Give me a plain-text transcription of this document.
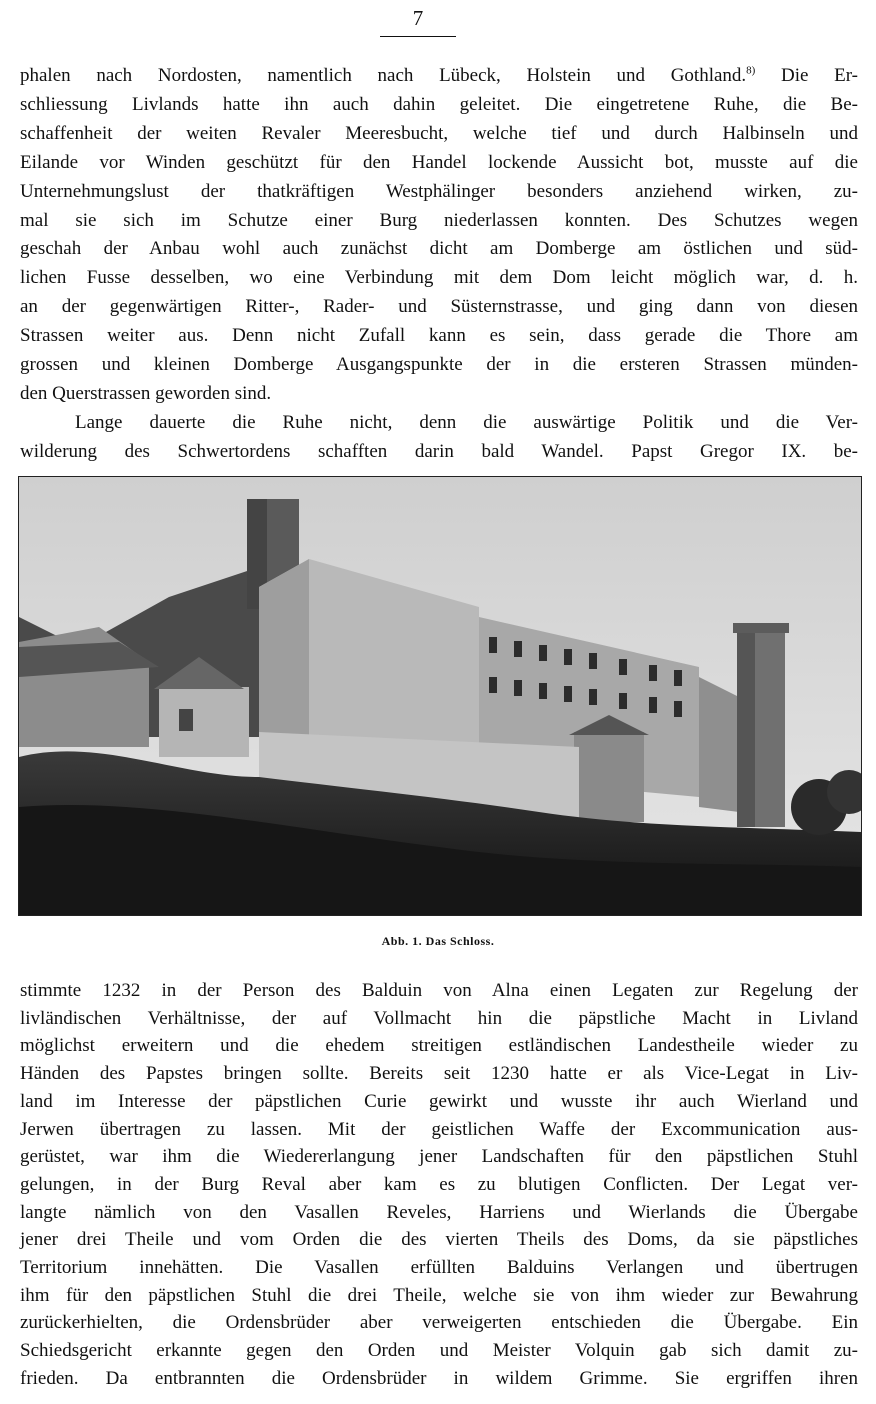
7

phalen nach Nordosten, namentlich nach Lübeck, Holstein und Gothland.$^{8)}$ Die Er-

schliessung Livlands hatte ihn auch dahin geleitet. Die eingetretene Ruhe, die Be-

schaffenheit der weiten Revaler Meeresbucht, welche tief und durch Halbinseln und

Eilande vor Winden geschützt für den Handel lockende Aussicht bot, musste auf die

Unternehmungslust der thatkräftigen Westphälinger besonders anziehend wirken, zu-

mal sie sich im Schutze einer Burg niederlassen konnten. Des Schutzes wegen

geschah der Anbau wohl auch zunächst dicht am Domberge am östlichen und süd-

lichen Fusse desselben, wo eine Verbindung mit dem Dom leicht möglich war, d. h.

an der gegenwärtigen Ritter-, Rader- und Süsternstrasse, und ging dann von diesen

Strassen weiter aus. Denn nicht Zufall kann es sein, dass gerade die Thore am

grossen und kleinen Domberge Ausgangspunkte der in die ersteren Strassen münden-

den Querstrassen geworden sind.

Lange dauerte die Ruhe nicht, denn die auswärtige Politik und die Ver-

wilderung des Schwertordens schafften darin bald Wandel. Papst Gregor IX. be-

Abb. 1. Das Schloss.

stimmte 1232 in der Person des Balduin von Alna einen Legaten zur Regelung der

livländischen Verhältnisse, der auf Vollmacht hin die päpstliche Macht in Livland

möglichst erweitern und die ehedem streitigen estländischen Landestheile wieder zu

Händen des Papstes bringen sollte. Bereits seit 1230 hatte er als Vice-Legat in Liv-

land im Interesse der päpstlichen Curie gewirkt und wusste ihr auch Wierland und

Jerwen übertragen zu lassen. Mit der geistlichen Waffe der Excommunication aus-

gerüstet, war ihm die Wiedererlangung jener Landschaften für den päpstlichen Stuhl

gelungen, in der Burg Reval aber kam es zu blutigen Conflicten. Der Legat ver-

langte nämlich von den Vasallen Reveles, Harriens und Wierlands die Übergabe

jener drei Theile und vom Orden die des vierten Theils des Doms, da sie päpstliches

Territorium innehätten. Die Vasallen erfüllten Balduins Verlangen und übertrugen

ihm für den päpstlichen Stuhl die drei Theile, welche sie von ihm wieder zur Bewahrung

zurückerhielten, die Ordensbrüder aber verweigerten entschieden die Übergabe. Ein

Schiedsgericht erkannte gegen den Orden und Meister Volquin gab sich damit zu-

frieden. Da entbrannten die Ordensbrüder in wildem Grimme. Sie ergriffen ihren
